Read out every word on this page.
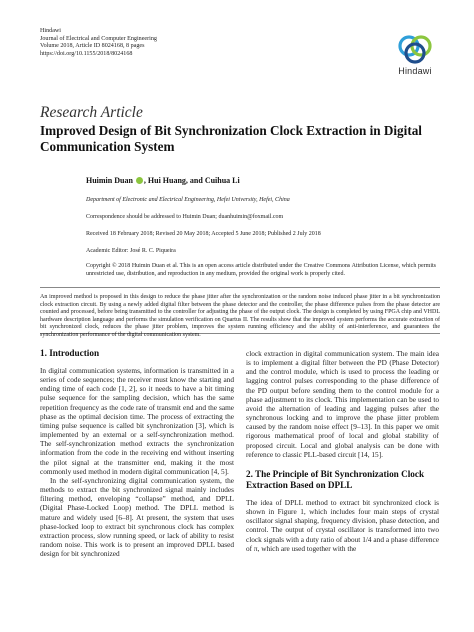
Hindawi
Journal of Electrical and Computer Engineering
Volume 2018, Article ID 8024168, 8 pages
https://doi.org/10.1155/2018/8024168
Hindawi
Research Article
Improved Design of Bit Synchronization Clock Extraction in Digital Communication System
Huimin Duan , Hui Huang, and Cuihua Li
Department of Electronic and Electrical Engineering, Hefei University, Hefei, China
Correspondence should be addressed to Huimin Duan; duanhuimin@foxmail.com
Received 18 February 2018; Revised 20 May 2018; Accepted 5 June 2018; Published 2 July 2018
Academic Editor: José R. C. Piqueira
Copyright © 2018 Huimin Duan et al. This is an open access article distributed under the Creative Commons Attribution License, which permits unrestricted use, distribution, and reproduction in any medium, provided the original work is properly cited.
An improved method is proposed in this design to reduce the phase jitter after the synchronization or the random noise induced phase jitter in a bit synchronization clock extraction circuit. By using a newly added digital filter between the phase detector and the controller, the phase difference pulses from the phase detector are counted and processed, before being transmitted to the controller for adjusting the phase of the output clock. The design is completed by using FPGA chip and VHDL hardware description language and performs the simulation verification on Quartus II. The results show that the improved system performs the accurate extraction of bit synchronized clock, reduces the phase jitter problem, improves the system running efficiency and the ability of anti-interference, and guarantees the synchronization performance of the digital communication system.
1. Introduction

In digital communication systems, information is transmitted in a series of code sequences; the receiver must know the starting and ending time of each code [1, 2], so it needs to have a bit timing pulse sequence for the sampling decision, which has the same repetition frequency as the code rate of transmit end and the same phase as the optimal decision time. The process of extracting the timing pulse sequence is called bit synchronization [3], which is implemented by an external or a self-synchronization method. The self-synchronization method extracts the synchronization information from the code in the receiving end without inserting the pilot signal at the transmitter end, making it the most commonly used method in modern digital communication [4, 5].

In the self-synchronizing digital communication system, the methods to extract the bit synchronized signal mainly includes filtering method, enveloping “collapse” method, and DPLL (Digital Phase-Locked Loop) method. The DPLL method is mature and widely used [6–8]. At present, the system that uses phase-locked loop to extract bit synchronous clock has complex extraction process, slow running speed, or lack of ability to resist random noise. This work is to present an improved DPLL based design for bit synchronized

clock extraction in digital communication system. The main idea is to implement a digital filter between the PD (Phase Detector) and the control module, which is used to process the leading or lagging control pulses corresponding to the phase difference of the PD output before sending them to the control module for a phase adjustment to its clock. This implementation can be used to avoid the alternation of leading and lagging pulses after the synchronous locking and to improve the phase jitter problem caused by the random noise effect [9–13]. In this paper we omit rigorous mathematical proof of local and global stability of proposed circuit. Local and global analysis can be done with reference to classic PLL-based circuit [14, 15].

2. The Principle of Bit Synchronization Clock Extraction Based on DPLL

The idea of DPLL method to extract bit synchronized clock is shown in Figure 1, which includes four main steps of crystal oscillator signal shaping, frequency division, phase detection, and control. The output of crystal oscillator is transformed into two clock signals with a duty ratio of about 1/4 and a phase difference of π, which are used together with the
